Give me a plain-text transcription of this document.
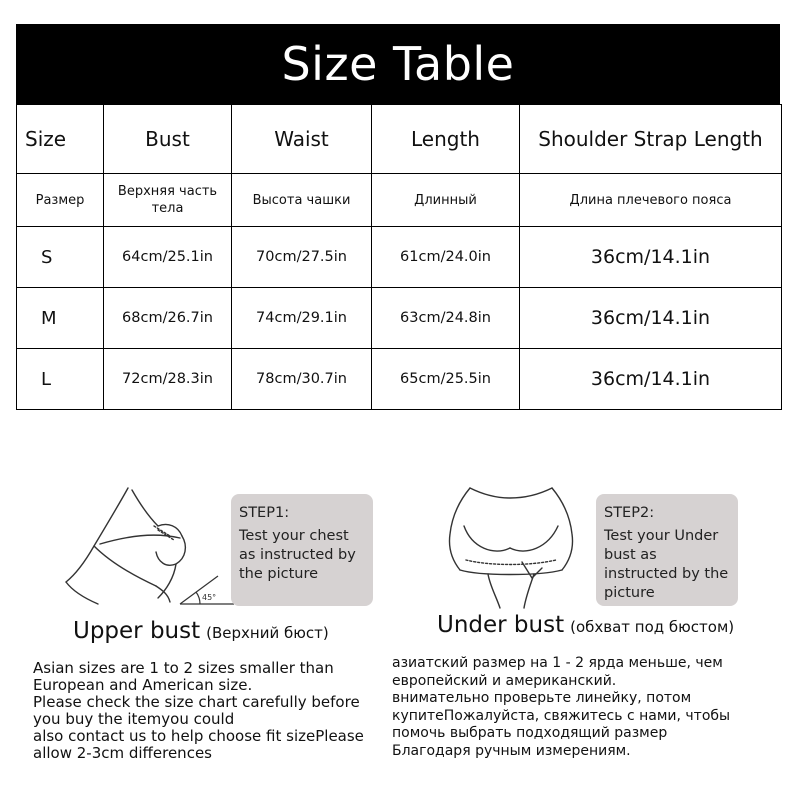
Size Table
Size	Bust	Waist	Length	Shoulder Strap Length
Размер	Верхняя часть тела	Высота чашки	Длинный	Длина плечевого пояса
S	64cm/25.1in	70cm/27.5in	61cm/24.0in	36cm/14.1in
M	68cm/26.7in	74cm/29.1in	63cm/24.8in	36cm/14.1in
L	72cm/28.3in	78cm/30.7in	65cm/25.5in	36cm/14.1in
45°
STEP1:
Test your chest as instructed by the picture
Upper bust (Верхний бюст)
STEP2:
Test your Under bust as instructed by the picture
Under bust (обхват под бюстом)
Asian sizes are 1 to 2 sizes smaller than
European and American size.
Please check the size chart carefully before
you buy the itemyou could
also contact us to help choose fit sizePlease
allow 2-3cm differences
азиатский размер на 1 - 2 ярда меньше, чем
европейский и американский.
внимательно проверьте линейку, потом
купитеПожалуйста, свяжитесь с нами, чтобы
помочь выбрать подходящий размер
Благодаря ручным измерениям.
